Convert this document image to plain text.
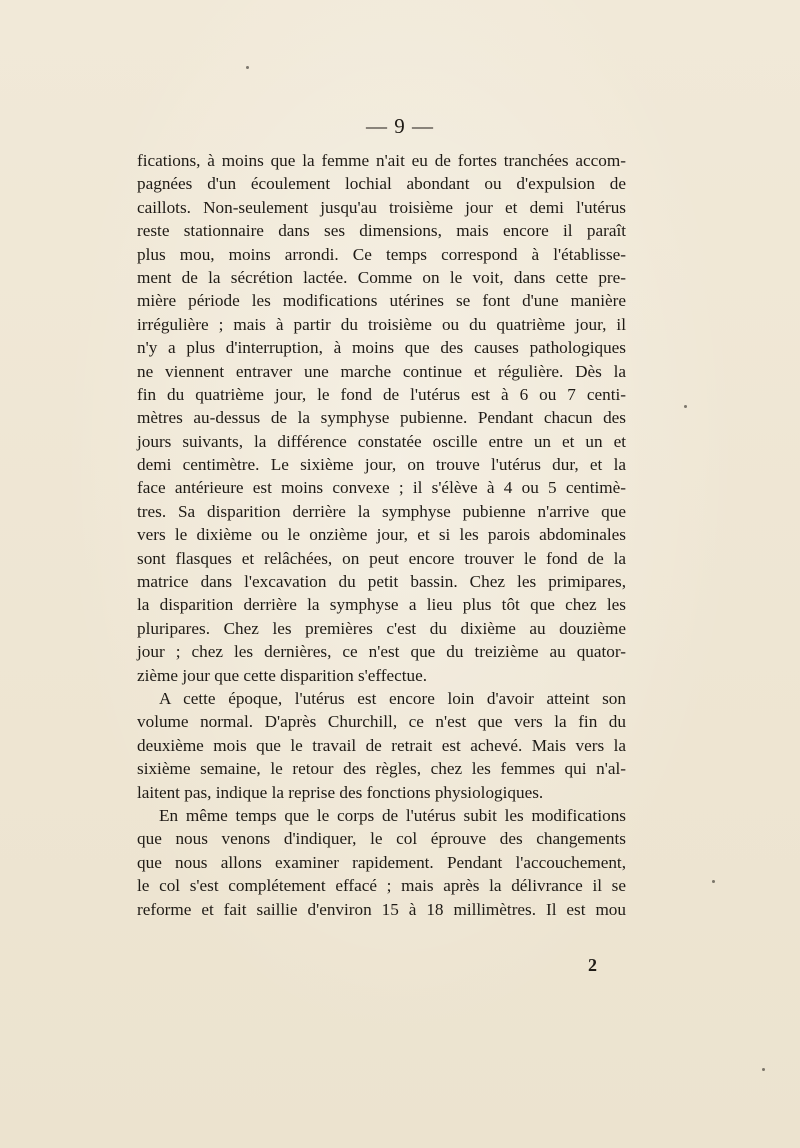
— 9 —
fications, à moins que la femme n'ait eu de fortes tranchées accom-
pagnées d'un écoulement lochial abondant ou d'expulsion de
caillots. Non-seulement jusqu'au troisième jour et demi l'utérus
reste stationnaire dans ses dimensions, mais encore il paraît
plus mou, moins arrondi. Ce temps correspond à l'établisse-
ment de la sécrétion lactée. Comme on le voit, dans cette pre-
mière période les modifications utérines se font d'une manière
irrégulière ; mais à partir du troisième ou du quatrième jour, il
n'y a plus d'interruption, à moins que des causes pathologiques
ne viennent entraver une marche continue et régulière. Dès la
fin du quatrième jour, le fond de l'utérus est à 6 ou 7 centi-
mètres au-dessus de la symphyse pubienne. Pendant chacun des
jours suivants, la différence constatée oscille entre un et un et
demi centimètre. Le sixième jour, on trouve l'utérus dur, et la
face antérieure est moins convexe ; il s'élève à 4 ou 5 centimè-
tres. Sa disparition derrière la symphyse pubienne n'arrive que
vers le dixième ou le onzième jour, et si les parois abdominales
sont flasques et relâchées, on peut encore trouver le fond de la
matrice dans l'excavation du petit bassin. Chez les primipares,
la disparition derrière la symphyse a lieu plus tôt que chez les
pluripares. Chez les premières c'est du dixième au douzième
jour ; chez les dernières, ce n'est que du treizième au quator-
zième jour que cette disparition s'effectue.
A cette époque, l'utérus est encore loin d'avoir atteint son
volume normal. D'après Churchill, ce n'est que vers la fin du
deuxième mois que le travail de retrait est achevé. Mais vers la
sixième semaine, le retour des règles, chez les femmes qui n'al-
laitent pas, indique la reprise des fonctions physiologiques.
En même temps que le corps de l'utérus subit les modifications
que nous venons d'indiquer, le col éprouve des changements
que nous allons examiner rapidement. Pendant l'accouchement,
le col s'est complétement effacé ; mais après la délivrance il se
reforme et fait saillie d'environ 15 à 18 millimètres. Il est mou
2
